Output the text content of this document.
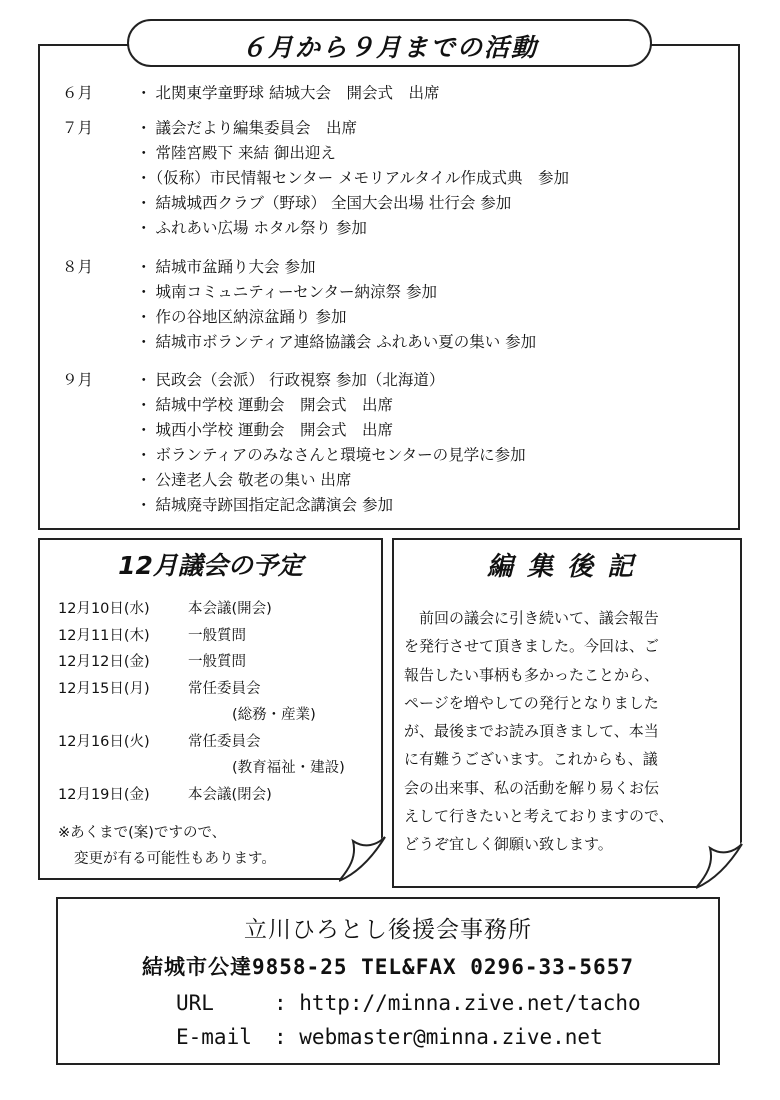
６月から９月までの活動
６月	・ 北関東学童野球 結城大会　開会式　出席
７月	・ 議会だより編集委員会　出席
・ 常陸宮殿下 来結 御出迎え
・ （仮称）市民情報センター メモリアルタイル作成式典　参加
・ 結城城西クラブ（野球） 全国大会出場 壮行会 参加
・ ふれあい広場 ホタル祭り 参加
８月	・ 結城市盆踊り大会 参加
・ 城南コミュニティーセンター納涼祭 参加
・ 作の谷地区納涼盆踊り 参加
・ 結城市ボランティア連絡協議会 ふれあい夏の集い 参加
９月	・ 民政会（会派） 行政視察 参加（北海道）
・ 結城中学校 運動会　開会式　出席
・ 城西小学校 運動会　開会式　出席
・ ボランティアのみなさんと環境センターの見学に参加
・ 公達老人会 敬老の集い 出席
・ 結城廃寺跡国指定記念講演会 参加
12月議会の予定
12月10日(水)	本会議(開会)
12月11日(木)	一般質問
12月12日(金)	一般質問
12月15日(月)	常任委員会
(総務・産業)
12月16日(火)	常任委員会
(教育福祉・建設)
12月19日(金)	本会議(閉会)
※あくまで(案)ですので、
変更が有る可能性もあります。
編集後記
　前回の議会に引き続いて、議会報告
を発行させて頂きました。今回は、ご
報告したい事柄も多かったことから、
ページを増やしての発行となりました
が、最後までお読み頂きまして、本当
に有難うございます。これからも、議
会の出来事、私の活動を解り易くお伝
えして行きたいと考えておりますので、
どうぞ宜しく御願い致します。
立川ひろとし後援会事務所
結城市公達9858-25 TEL&FAX 0296-33-5657
URL	: http://minna.zive.net/tacho
E-mail : webmaster@minna.zive.net
